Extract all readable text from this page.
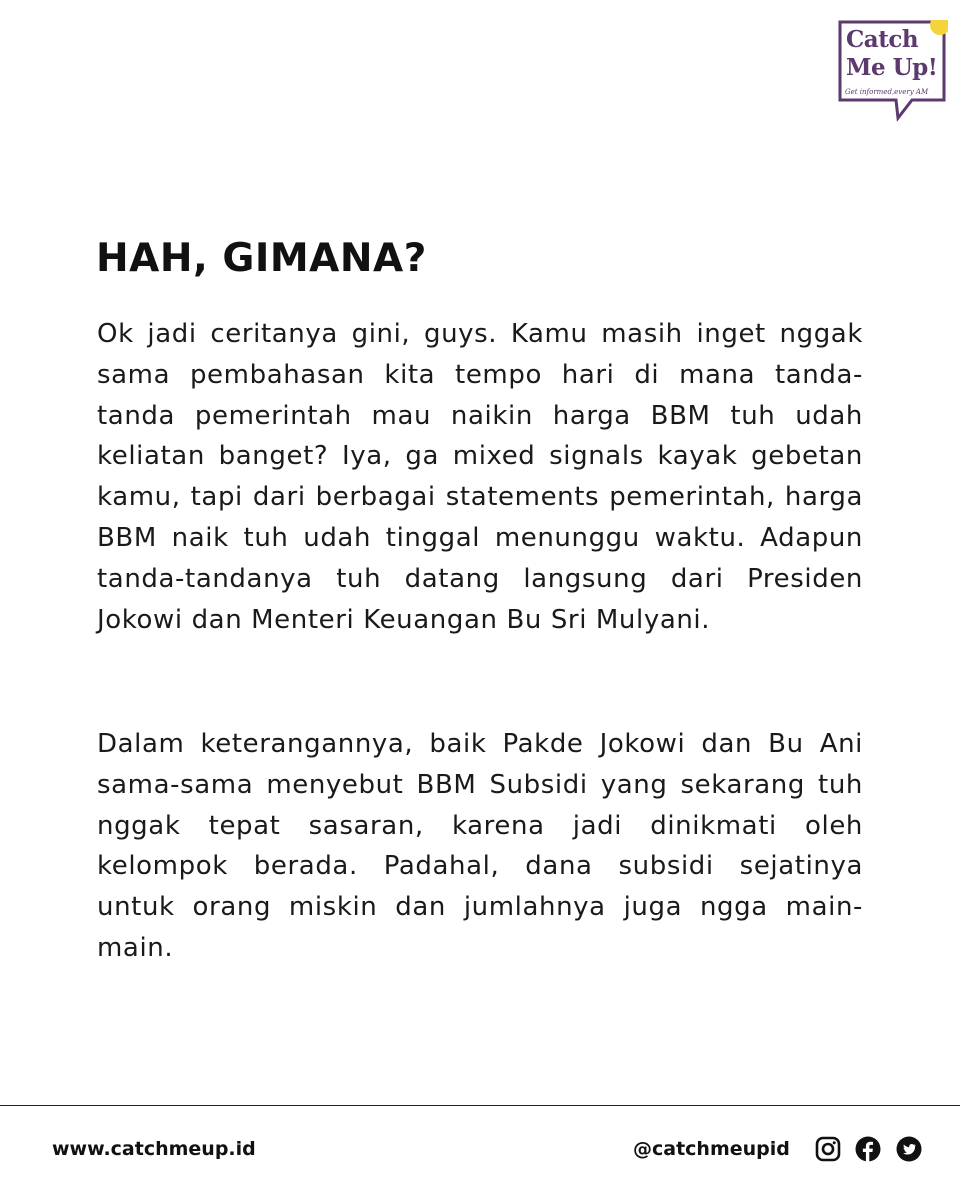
Catch
Me Up!
Get informed,every AM
HAH, GIMANA?

Ok jadi ceritanya gini, guys. Kamu masih inget nggak sama pembahasan kita tempo hari di mana tanda-tanda pemerintah mau naikin harga BBM tuh udah keliatan banget? Iya, ga mixed signals kayak gebetan kamu, tapi dari berbagai statements pemerintah, harga BBM naik tuh udah tinggal menunggu waktu. Adapun tanda-tandanya tuh datang langsung dari Presiden Jokowi dan Menteri Keuangan Bu Sri Mulyani.

Dalam keterangannya, baik Pakde Jokowi dan Bu Ani sama-sama menyebut BBM Subsidi yang sekarang tuh nggak tepat sasaran, karena jadi dinikmati oleh kelompok berada. Padahal, dana subsidi sejatinya untuk orang miskin dan jumlahnya juga ngga main-main.

www.catchmeup.id	@catchmeupid
